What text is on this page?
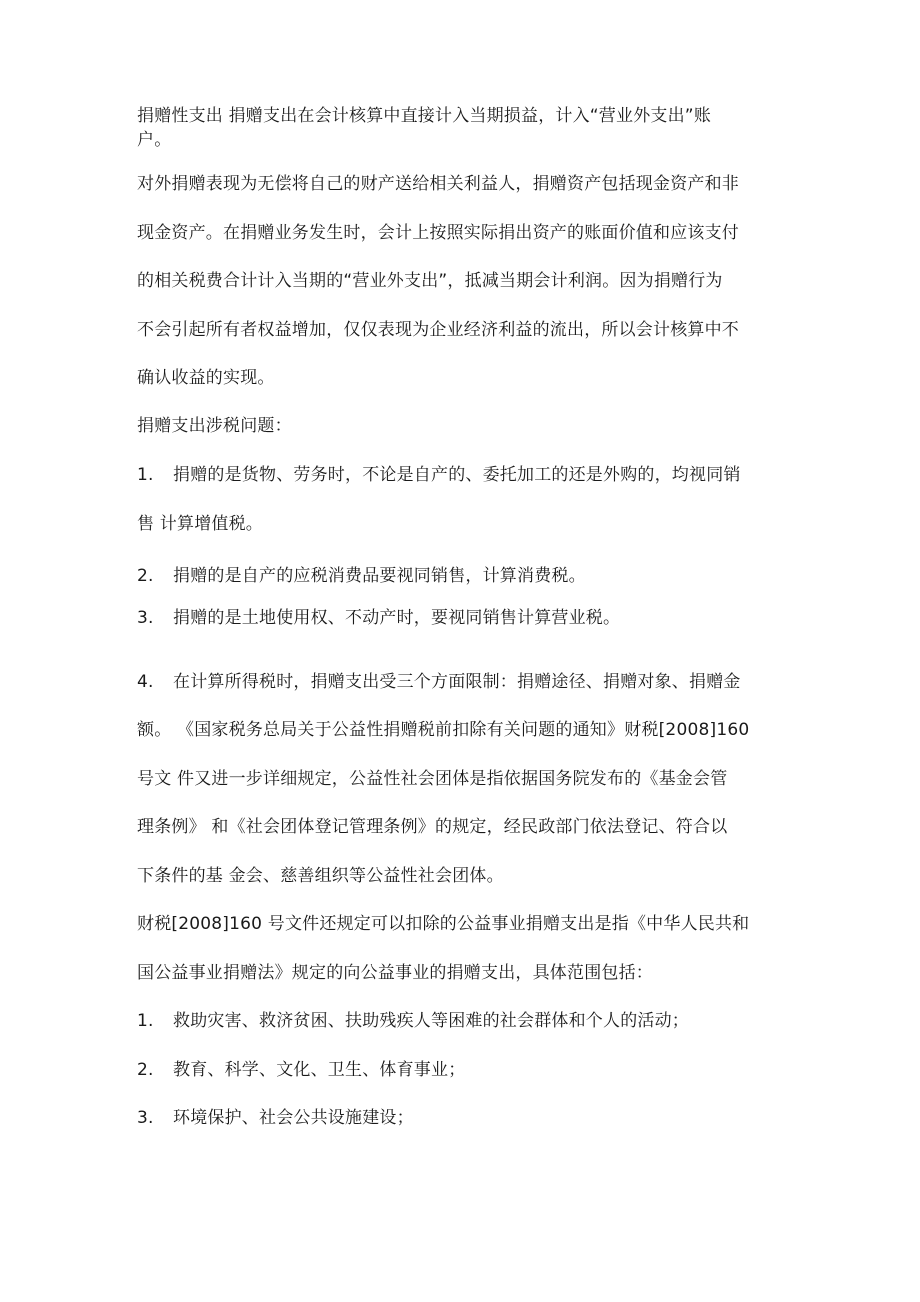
捐赠性支出 捐赠支出在会计核算中直接计入当期损益，计入“营业外支出”账
户。
对外捐赠表现为无偿将自己的财产送给相关利益人，捐赠资产包括现金资产和非
现金资产。在捐赠业务发生时，会计上按照实际捐出资产的账面价值和应该支付
的相关税费合计计入当期的“营业外支出”，抵减当期会计利润。因为捐赠行为
不会引起所有者权益增加，仅仅表现为企业经济利益的流出，所以会计核算中不
确认收益的实现。
捐赠支出涉税问题：
1. 捐赠的是货物、劳务时，不论是自产的、委托加工的还是外购的，均视同销
售 计算增值税。
2. 捐赠的是自产的应税消费品要视同销售，计算消费税。
3. 捐赠的是土地使用权、不动产时，要视同销售计算营业税。
4. 在计算所得税时，捐赠支出受三个方面限制：捐赠途径、捐赠对象、捐赠金
额。 《国家税务总局关于公益性捐赠税前扣除有关问题的通知》财税[2008]160
号文 件又进一步详细规定，公益性社会团体是指依据国务院发布的《基金会管
理条例》 和《社会团体登记管理条例》的规定，经民政部门依法登记、符合以
下条件的基 金会、慈善组织等公益性社会团体。
财税[2008]160 号文件还规定可以扣除的公益事业捐赠支出是指《中华人民共和
国公益事业捐赠法》规定的向公益事业的捐赠支出，具体范围包括：
1. 救助灾害、救济贫困、扶助残疾人等困难的社会群体和个人的活动；
2. 教育、科学、文化、卫生、体育事业；
3. 环境保护、社会公共设施建设；
